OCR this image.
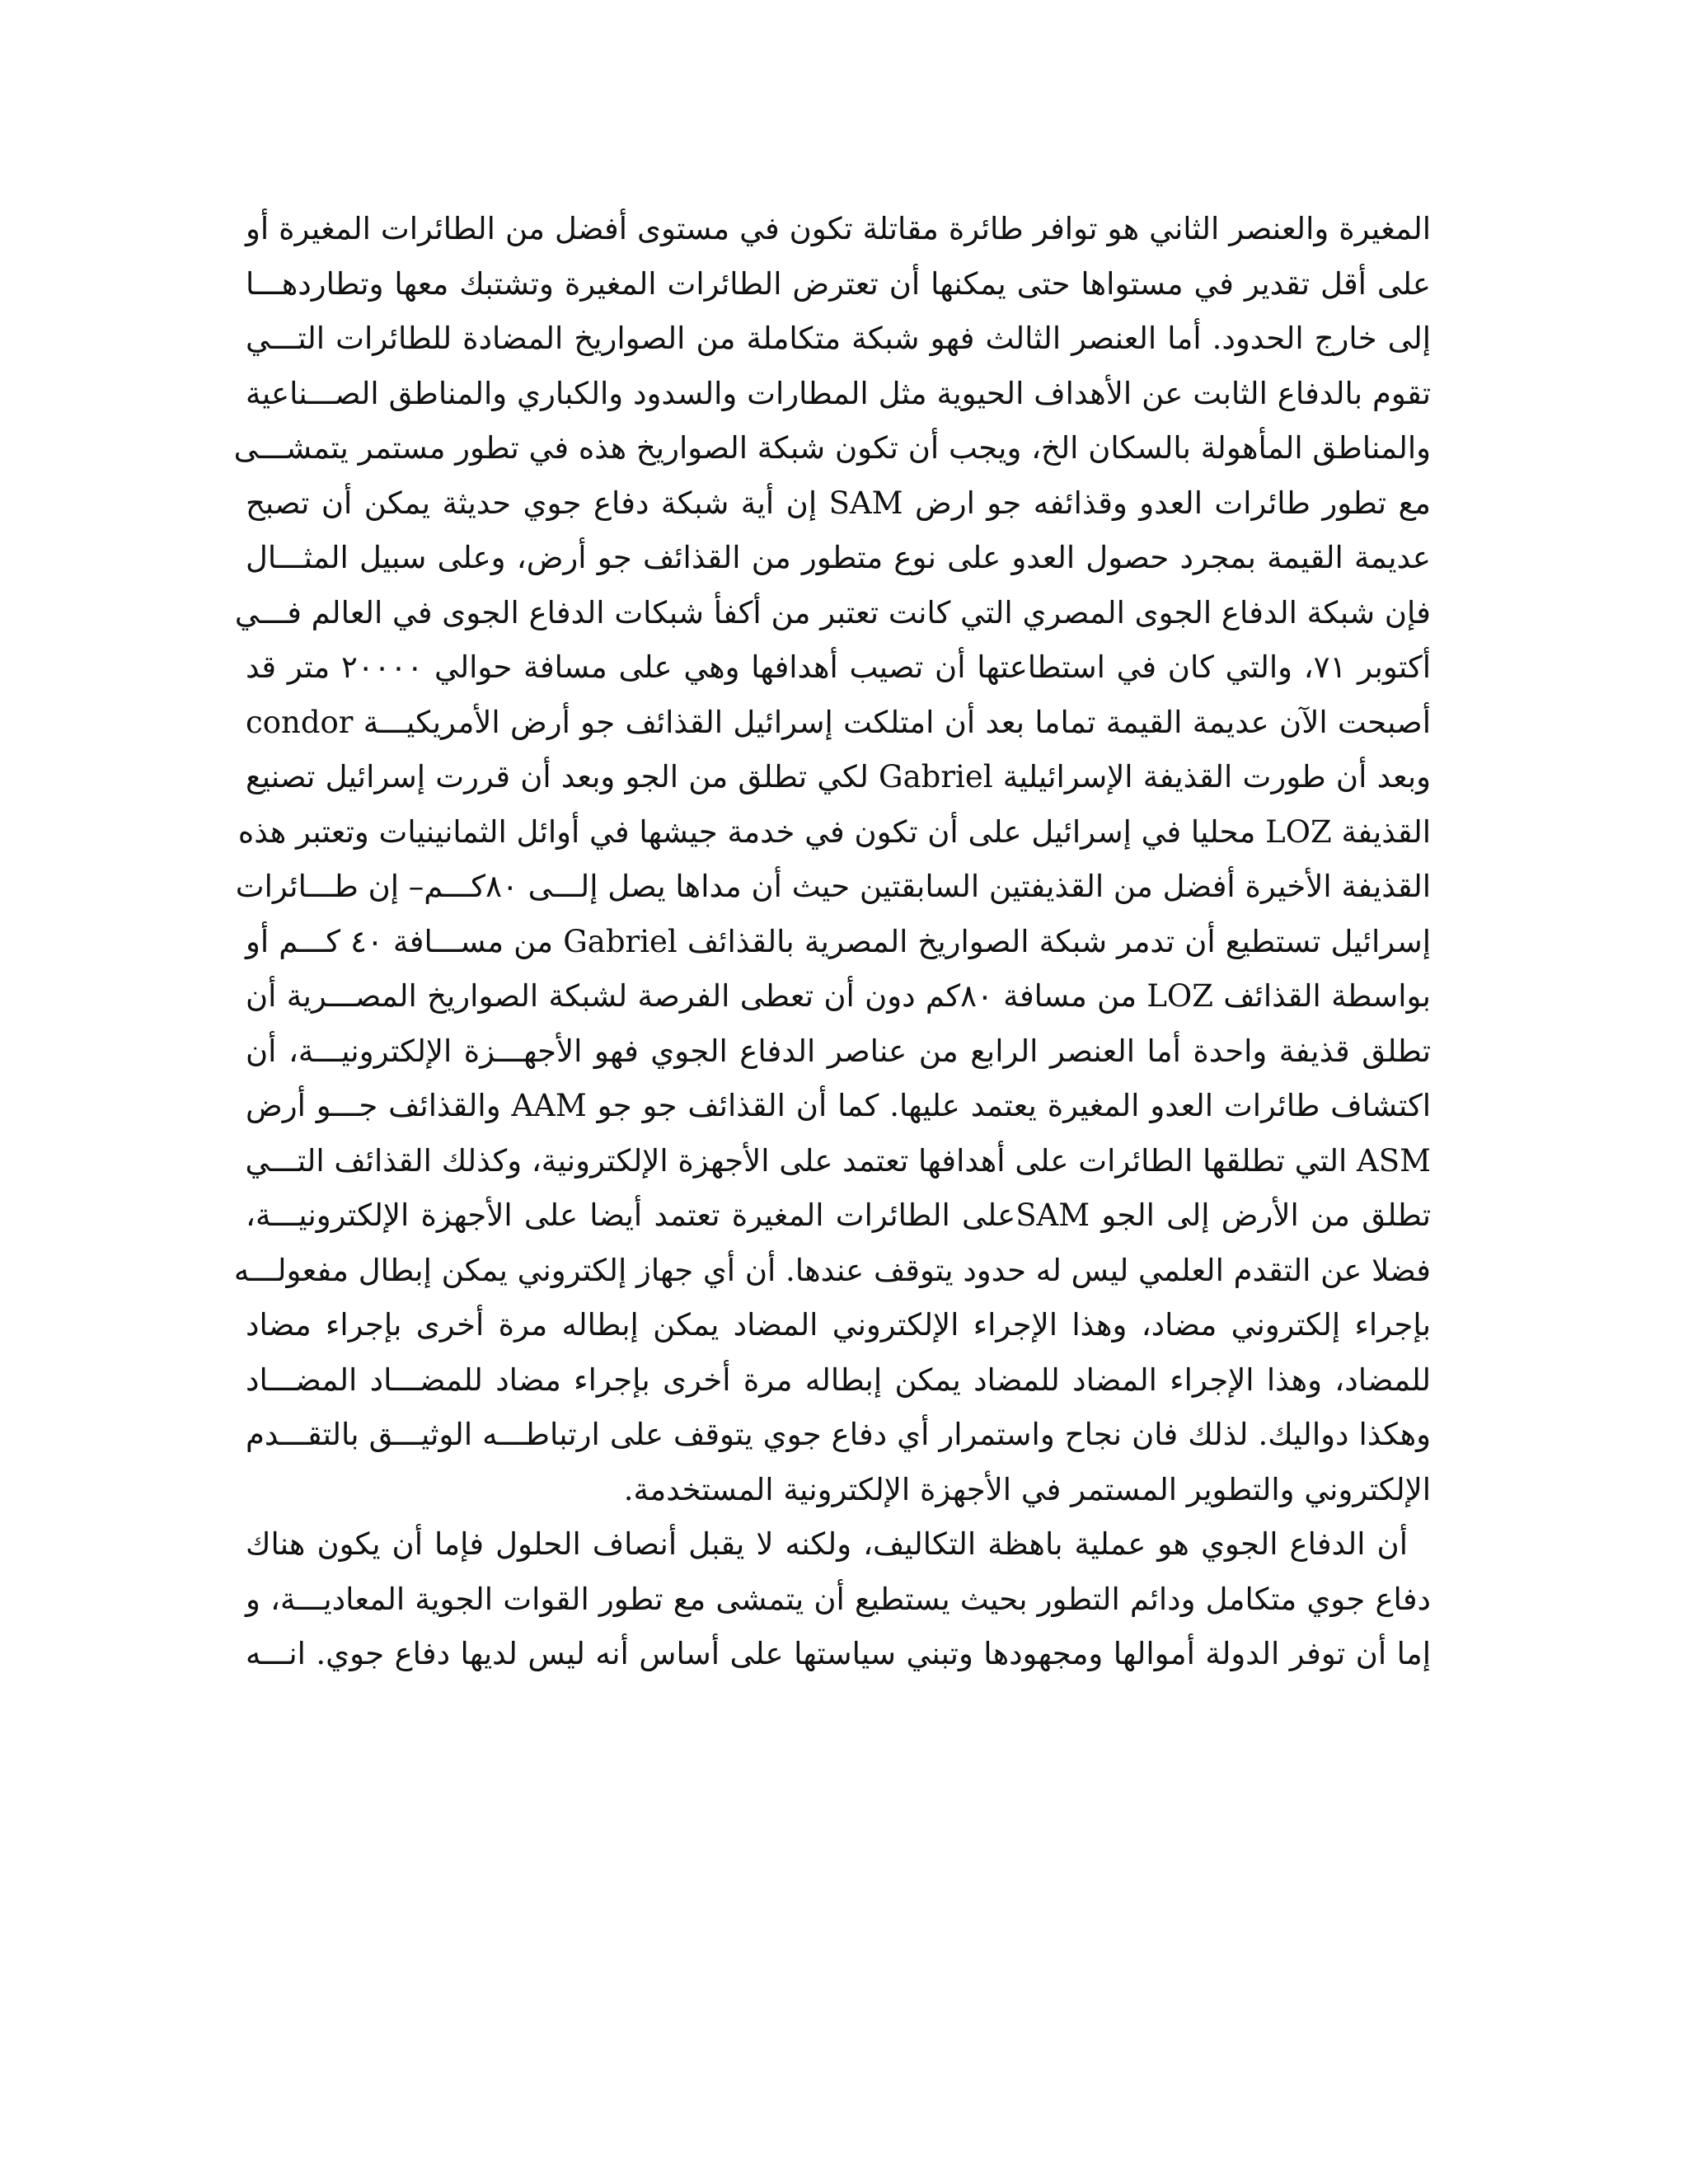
المغيرة والعنصر الثاني هو توافر طائرة مقاتلة تكون في مستوى أفضل من الطائرات المغيرة أو
على أقل تقدير في مستواها حتى يمكنها أن تعترض الطائرات المغيرة وتشتبك معها وتطاردهـــا
إلى خارج الحدود. أما العنصر الثالث فهو شبكة متكاملة من الصواريخ المضادة للطائرات التـــي
تقوم بالدفاع الثابت عن الأهداف الحيوية مثل المطارات والسدود والكباري والمناطق الصـــناعية
والمناطق المأهولة بالسكان الخ، ويجب أن تكون شبكة الصواريخ هذه في تطور مستمر يتمشـــى
مع تطور طائرات العدو وقذائفه جو ارض SAM إن أية شبكة دفاع جوي حديثة يمكن أن تصبح
عديمة القيمة بمجرد حصول العدو على نوع متطور من القذائف جو أرض، وعلى سبيل المثـــال
فإن شبكة الدفاع الجوى المصري التي كانت تعتبر من أكفأ شبكات الدفاع الجوى في العالم فـــي
أكتوبر ٧١، والتي كان في استطاعتها أن تصيب أهدافها وهي على مسافة حوالي ٢٠٠٠٠ متر قد
أصبحت الآن عديمة القيمة تماما بعد أن امتلكت إسرائيل القذائف جو أرض الأمريكيـــة condor
وبعد أن طورت القذيفة الإسرائيلية Gabriel لكي تطلق من الجو وبعد أن قررت إسرائيل تصنيع
القذيفة LOZ محليا في إسرائيل على أن تكون في خدمة جيشها في أوائل الثمانينيات وتعتبر هذه
القذيفة الأخيرة أفضل من القذيفتين السابقتين حيث أن مداها يصل إلـــى ٨٠كـــم– إن طـــائرات
إسرائيل تستطيع أن تدمر شبكة الصواريخ المصرية بالقذائف Gabriel من مســـافة ٤٠ كـــم أو
بواسطة القذائف LOZ من مسافة ٨٠كم دون أن تعطى الفرصة لشبكة الصواريخ المصـــرية أن
تطلق قذيفة واحدة أما العنصر الرابع من عناصر الدفاع الجوي فهو الأجهـــزة الإلكترونيـــة، أن
اكتشاف طائرات العدو المغيرة يعتمد عليها. كما أن القذائف جو جو AAM والقذائف جـــو أرض
ASM التي تطلقها الطائرات على أهدافها تعتمد على الأجهزة الإلكترونية، وكذلك القذائف التـــي
تطلق من الأرض إلى الجو SAMعلى الطائرات المغيرة تعتمد أيضا على الأجهزة الإلكترونيـــة،
فضلا عن التقدم العلمي ليس له حدود يتوقف عندها. أن أي جهاز إلكتروني يمكن إبطال مفعولـــه
بإجراء إلكتروني مضاد، وهذا الإجراء الإلكتروني المضاد يمكن إبطاله مرة أخرى بإجراء مضاد
للمضاد، وهذا الإجراء المضاد للمضاد يمكن إبطاله مرة أخرى بإجراء مضاد للمضـــاد المضـــاد
وهكذا دواليك. لذلك فان نجاح واستمرار أي دفاع جوي يتوقف على ارتباطـــه الوثيـــق بالتقـــدم
الإلكتروني والتطوير المستمر في الأجهزة الإلكترونية المستخدمة.
أن الدفاع الجوي هو عملية باهظة التكاليف، ولكنه لا يقبل أنصاف الحلول فإما أن يكون هناك
دفاع جوي متكامل ودائم التطور بحيث يستطيع أن يتمشى مع تطور القوات الجوية المعاديـــة، و
إما أن توفر الدولة أموالها ومجهودها وتبني سياستها على أساس أنه ليس لديها دفاع جوي. انـــه
